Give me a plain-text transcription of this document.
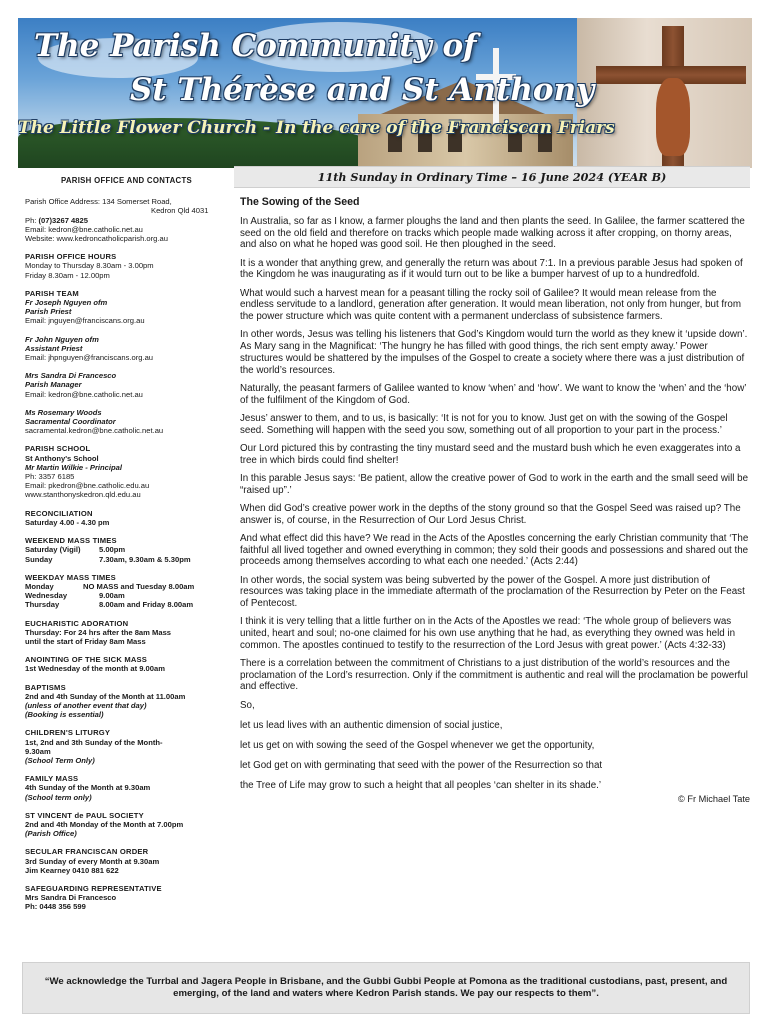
The Parish Community of
St Thérèse and St Anthony
The Little Flower Church - In the care of the Franciscan Friars
PARISH OFFICE AND CONTACTS
Parish Office Address: 134 Somerset Road,
Kedron Qld 4031
Ph: (07)3267 4825
Email: kedron@bne.catholic.net.au
Website: www.kedroncatholicparish.org.au
PARISH OFFICE HOURS
Monday to Thursday 8.30am - 3.00pm
Friday 8.30am - 12.00pm
PARISH TEAM
Fr Joseph Nguyen ofm
Parish Priest
Email: jnguyen@franciscans.org.au
Fr John Nguyen ofm
Assistant Priest
Email: jhpnguyen@franciscans.org.au
Mrs Sandra Di Francesco
Parish Manager
Email: kedron@bne.catholic.net.au
Ms Rosemary Woods
Sacramental Coordinator
sacramental.kedron@bne.catholic.net.au
PARISH SCHOOL
St Anthony's School
Mr Martin Wilkie - Principal
Ph: 3357 6185
Email: pkedron@bne.catholic.edu.au
www.stanthonyskedron.qld.edu.au
RECONCILIATION
Saturday 4.00 - 4.30 pm
WEEKEND MASS TIMES
Saturday (Vigil)	5.00pm
Sunday	7.30am, 9.30am & 5.30pm
WEEKDAY MASS TIMES
Monday	NO MASS and Tuesday 8.00am
Wednesday	9.00am
Thursday	8.00am and Friday 8.00am
EUCHARISTIC ADORATION
Thursday: For 24 hrs after the 8am Mass
until the start of Friday 8am Mass
ANOINTING OF THE SICK MASS
1st Wednesday of the month at 9.00am
BAPTISMS
2nd and 4th Sunday of the Month at 11.00am
(unless of another event that day)
(Booking is essential)
CHILDREN'S LITURGY
1st, 2nd and 3th Sunday of the Month-
9.30am
(School Term Only)
FAMILY MASS
4th Sunday of the Month at 9.30am
(School term only)
ST VINCENT de PAUL SOCIETY
2nd and 4th Monday of the Month at 7.00pm
(Parish Office)
SECULAR FRANCISCAN ORDER
3rd Sunday of every Month at 9.30am
Jim Kearney 0410 881 622
SAFEGUARDING REPRESENTATIVE
Mrs Sandra Di Francesco
Ph: 0448 356 599
11th Sunday in Ordinary Time – 16 June 2024 (YEAR B)
The Sowing of the Seed

In Australia, so far as I know, a farmer ploughs the land and then plants the seed. In Galilee, the farmer scattered the seed on the old field and therefore on tracks which people made walking across it after cropping, on thorny areas, and also on what he hoped was good soil. He then ploughed in the seed.

It is a wonder that anything grew, and generally the return was about 7:1. In a previous parable Jesus had spoken of the Kingdom he was inaugurating as if it would turn out to be like a bumper harvest of up to a hundredfold.

What would such a harvest mean for a peasant tilling the rocky soil of Galilee? It would mean release from the endless servitude to a landlord, generation after generation. It would mean liberation, not only from hunger, but from the power structure which was quite content with a permanent underclass of subsistence farmers.

In other words, Jesus was telling his listeners that God’s Kingdom would turn the world as they knew it ‘upside down’. As Mary sang in the Magnificat: ‘The hungry he has filled with good things, the rich sent empty away.’ Power structures would be shattered by the impulses of the Gospel to create a society where there was a just distribution of the world’s resources.

Naturally, the peasant farmers of Galilee wanted to know ‘when’ and ‘how’. We want to know the ‘when’ and the ‘how’ of the fulfilment of the Kingdom of God.

Jesus’ answer to them, and to us, is basically: ‘It is not for you to know. Just get on with the sowing of the Gospel seed. Something will happen with the seed you sow, something out of all proportion to your part in the process.’

Our Lord pictured this by contrasting the tiny mustard seed and the mustard bush which he even exaggerates into a tree in which birds could find shelter!

In this parable Jesus says: ‘Be patient, allow the creative power of God to work in the earth and the small seed will be “raised up”.’

When did God’s creative power work in the depths of the stony ground so that the Gospel Seed was raised up? The answer is, of course, in the Resurrection of Our Lord Jesus Christ.

And what effect did this have? We read in the Acts of the Apostles concerning the early Christian community that ‘The faithful all lived together and owned everything in common; they sold their goods and possessions and shared out the proceeds among themselves according to what each one needed.’ (Acts 2:44)

In other words, the social system was being subverted by the power of the Gospel. A more just distribution of resources was taking place in the immediate aftermath of the proclamation of the Resurrection by Peter on the Feast of Pentecost.

I think it is very telling that a little further on in the Acts of the Apostles we read: ‘The whole group of believers was united, heart and soul; no-one claimed for his own use anything that he had, as everything they owned was held in common. The apostles continued to testify to the resurrection of the Lord Jesus with great power.’ (Acts 4:32-33)

There is a correlation between the commitment of Christians to a just distribution of the world’s resources and the proclamation of the Lord’s resurrection. Only if the commitment is authentic and real will the proclamation be powerful and effective.

So,

let us lead lives with an authentic dimension of social justice,

let us get on with sowing the seed of the Gospel whenever we get the opportunity,

let God get on with germinating that seed with the power of the Resurrection so that

the Tree of Life may grow to such a height that all peoples ‘can shelter in its shade.’

© Fr Michael Tate
“We acknowledge the Turrbal and Jagera People in Brisbane, and the Gubbi Gubbi People at Pomona as the traditional custodians, past, present, and emerging, of the land and waters where Kedron Parish stands. We pay our respects to them”.
